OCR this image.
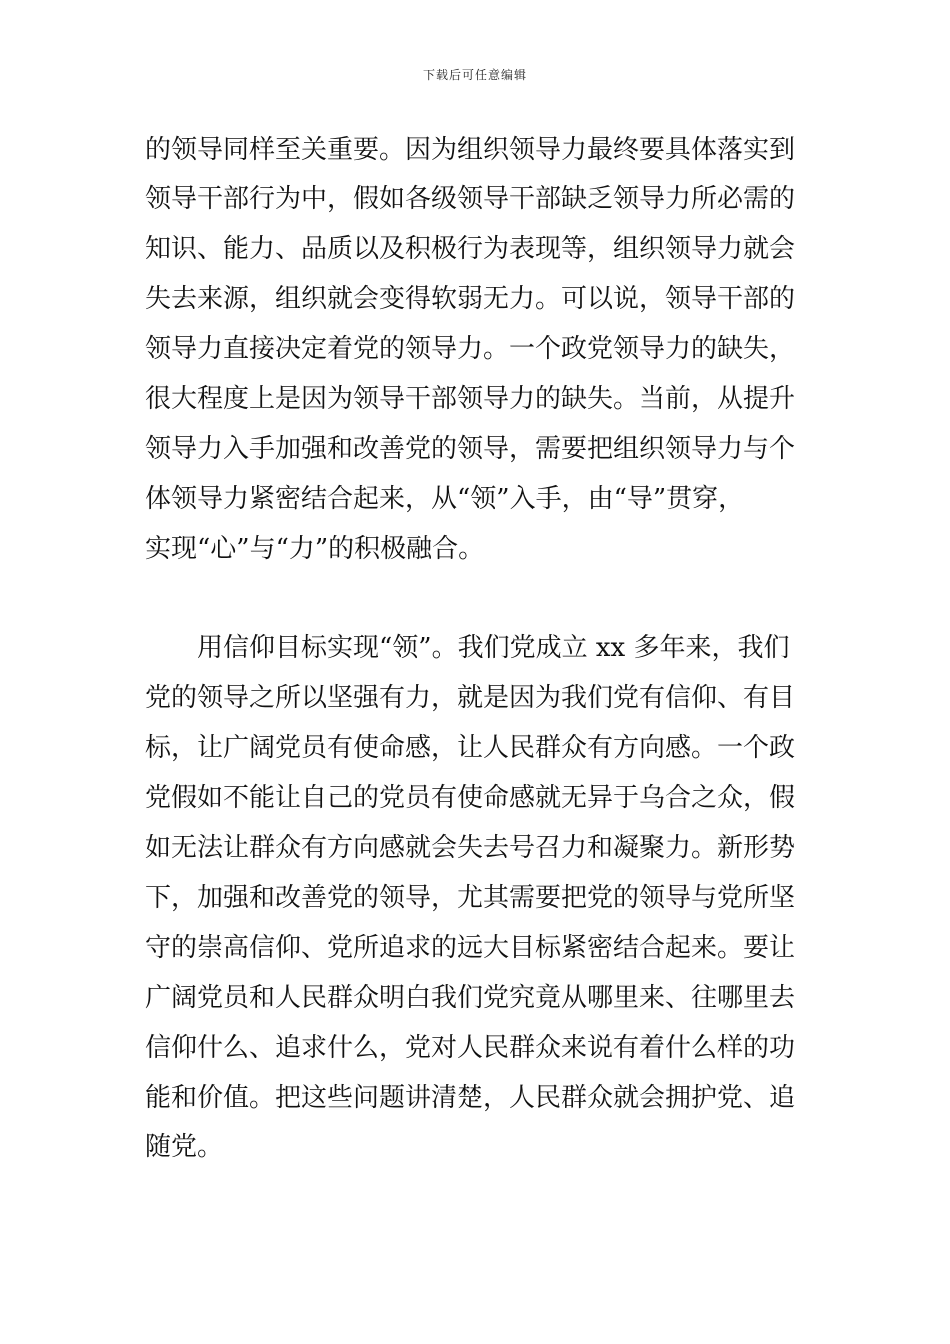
下载后可任意编辑
的领导同样至关重要。因为组织领导力最终要具体落实到
领导干部行为中，假如各级领导干部缺乏领导力所必需的
知识、能力、品质以及积极行为表现等，组织领导力就会
失去来源，组织就会变得软弱无力。可以说，领导干部的
领导力直接决定着党的领导力。一个政党领导力的缺失，
很大程度上是因为领导干部领导力的缺失。当前，从提升
领导力入手加强和改善党的领导，需要把组织领导力与个
体领导力紧密结合起来，从“领”入手，由“导”贯穿，
实现“心”与“力”的积极融合。
用信仰目标实现“领”。我们党成立 xx 多年来，我们
党的领导之所以坚强有力，就是因为我们党有信仰、有目
标，让广阔党员有使命感，让人民群众有方向感。一个政
党假如不能让自己的党员有使命感就无异于乌合之众，假
如无法让群众有方向感就会失去号召力和凝聚力。新形势
下，加强和改善党的领导，尤其需要把党的领导与党所坚
守的崇高信仰、党所追求的远大目标紧密结合起来。要让
广阔党员和人民群众明白我们党究竟从哪里来、往哪里去
信仰什么、追求什么，党对人民群众来说有着什么样的功
能和价值。把这些问题讲清楚，人民群众就会拥护党、追
随党。
